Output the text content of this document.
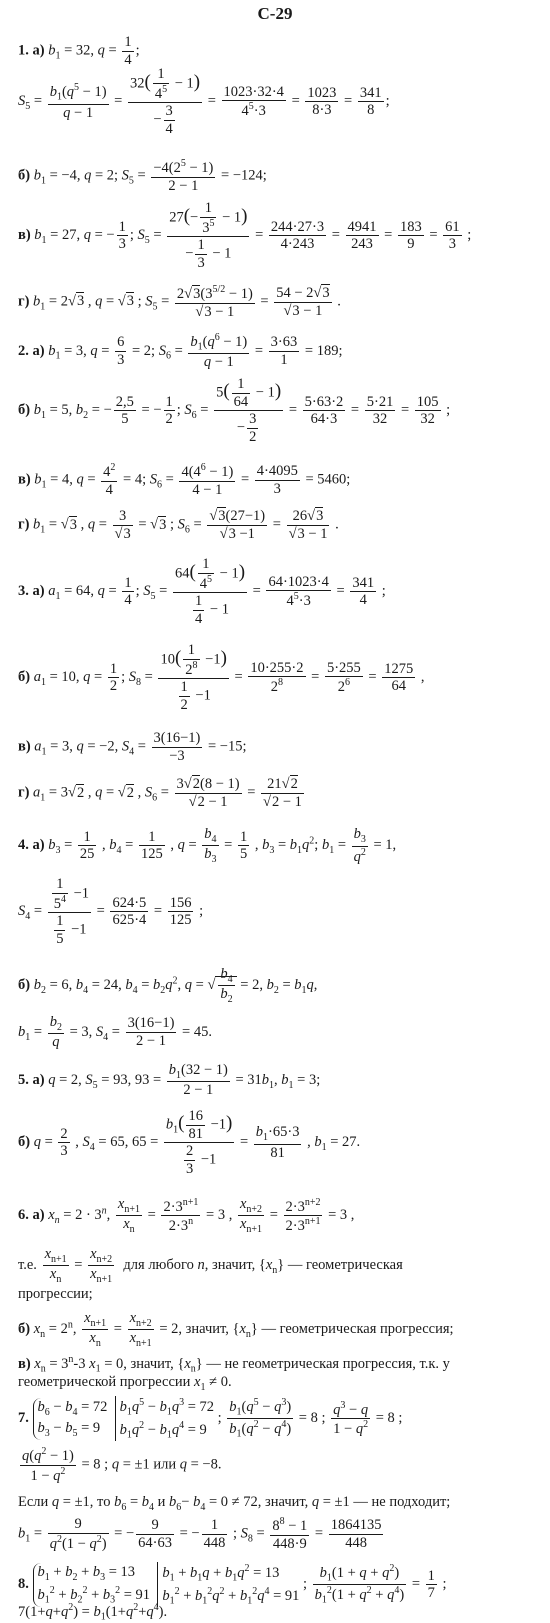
С-29
1. а) $b_1 = 32$, $q = \frac{1}{4}$ ;
$S_5 = \frac{b_1(q^5 - 1)}{q - 1} = \frac{32( \frac{1}{4^5} - 1)}{- \frac{3}{4}} = \frac{1023\cdot 32\cdot 4}{4^5\cdot 3} = \frac{1023}{8\cdot 3} = \frac{341}{8}$ ;
б) $b_1 = -4$, q = 2; $S_5 = \frac{-4(2^5 - 1)}{2 - 1} = -124$;
в) $b_1 = 27$, q = − $\frac{1}{3}$ ; $S_5 = \frac{27(- \frac{1}{3^5} - 1)}{- \frac{1}{3} - 1} = \frac{244\cdot 27\cdot 3}{4\cdot 243} = \frac{4941}{243} = \frac{183}{9} = \frac{61}{3}$ ;
г) $b_1 = 2√3$ , q = √3 ; $S_5 = \frac{2√3(3^{5/2} - 1)}{√3 - 1} = \frac{54 - 2√3}{√3 - 1}$ .
2. а) $b_1 = 3$, $q = \frac{6}{3} = 2$; $S_6 = \frac{b_1(q^6 - 1)}{q - 1} = \frac{3\cdot 63}{1} = 189$;
б) $b_1 = 5$, $b_2$ = − $\frac{2,5}{5}$ = − $\frac{1}{2}$ ; $S_6 = \frac{5( \frac{1}{64} - 1)}{- \frac{3}{2}} = \frac{5\cdot 63\cdot 2}{64\cdot 3} = \frac{5\cdot 21}{32} = \frac{105}{32}$ ;
в) $b_1 = 4$, $q = \frac{4^2}{4} = 4$; $S_6 = \frac{4(4^6 - 1)}{4 - 1} = \frac{4\cdot 4095}{3} = 5460$;
г) $b_1 = √3$ , $q = \frac{3}{√3} = √3$ ; $S_6 = \frac{√3(27-1)}{√3 -1} = \frac{26√3}{√3 - 1}$ .
3. а) $a_1 = 64$, $q = \frac{1}{4}$ ; $S_5 = \frac{64( \frac{1}{4^5} - 1)}{\frac{1}{4} - 1} = \frac{64\cdot 1023\cdot 4}{4^5\cdot 3} = \frac{341}{4}$ ;
б) $a_1 = 10$, $q = \frac{1}{2}$ ; $S_8 = \frac{10( \frac{1}{2^8} -1)}{\frac{1}{2} -1} = \frac{10\cdot 255\cdot 2}{2^8} = \frac{5\cdot 255}{2^6} = \frac{1275}{64}$ ,
в) $a_1 = 3$, q = −2, $S_4 = \frac{3(16-1)}{-3} = -15$;
г) $a_1 = 3√2$ , q = √2 , $S_6 = \frac{3√2(8 - 1)}{√2 - 1} = \frac{21√2}{√2 - 1}$
4. а) $b_3 = \frac{1}{25}$ , $b_4 = \frac{1}{125}$ , $q = \frac{b_4}{b_3} = \frac{1}{5}$ , $b_3 = b_1q^2$; $b_1 = \frac{b_3}{q^2} = 1$,
$S_4 = \frac{\frac{1}{5^4} -1}{\frac{1}{5} -1} = \frac{624\cdot 5}{625\cdot 4} = \frac{156}{125}$ ;
б) $b_2 = 6$, $b_4 = 24$, $b_4 = b_2q^2$, q = √ $\frac{b_4}{b_2} = 2$, $b_2 = b_1q$,
$b_1 = \frac{b_2}{q} = 3$, $S_4 = \frac{3(16-1)}{2 - 1} = 45$.
5. а) q = 2, $S_5 = 93$, $93 = \frac{b_1(32 - 1)}{2 - 1} = 31b_1$, $b_1 = 3$;
б) $q = \frac{2}{3}$ , $S_4 = 65$, $65 = \frac{b_1( \frac{16}{81} -1)}{\frac{2}{3} -1} = \frac{b_1\cdot 65\cdot 3}{81}$ , $b_1 = 27$.
6. а) $x_n = 2 \cdot 3^n$, $\frac{x_{n+1}}{x_n} = \frac{2\cdot 3^{n+1}}{2\cdot 3^n} = 3$ , $\frac{x_{n+2}}{x_{n+1}} = \frac{2\cdot 3^{n+2}}{2\cdot 3^{n+1}} = 3$ ,
т.е. $\frac{x_{n+1}}{x_n} = \frac{x_{n+2}}{x_{n+1}}$ для любого n, значит, $\{x_n\}$ — геометрическая
прогрессии;
б) $x_n = 2^n$, $\frac{x_{n+1}}{x_n} = \frac{x_{n+2}}{x_{n+1}} = 2$, значит, $\{x_n\}$ — геометрическая прогрессия;
в) $x_n = 3^n-3$ $x_1 = 0$, значит, $\{x_n\}$ — не геометрическая прогрессия, т.к. у
геометрической прогрессии $x_1 \ne 0$.
7. $b_6 - b_4 = 72$
$b_3 - b_5 = 9$  $b_1q^5 - b_1q^3 = 72$
$b_1q^2 - b_1q^4 = 9$ ; $\frac{b_1(q^5 - q^3)}{b_1(q^2 - q^4)} = 8$ ; $\frac{q^3 - q}{1 - q^2} = 8$ ;
$\frac{q(q^2 - 1)}{1 - q^2} = 8$ ; q = ±1 или q = −8.
Если q = ±1, то $b_6 = b_4$ и $b_6- b_4 = 0 \ne 72$, значит, q = ±1 — не подходит;
$b_1 = \frac{9}{q^2(1 - q^2)}$ = − $\frac{9}{64\cdot 63}$ = − $\frac{1}{448}$ ; $S_8 = \frac{8^8 - 1}{448\cdot 9} = \frac{1864135}{448}$
8. $b_1 + b_2 + b_3 = 13$
$b_1^2 + b_2^2 + b_3^2 = 91$  $b_1 + b_1q + b_1q^2 = 13$
$b_1^2 + b_1^2q^2 + b_1^2q^4 = 91$ ; $\frac{b_1(1 + q + q^2)}{b_1^2(1 + q^2 + q^4)} = \frac{1}{7}$ ;
$7(1+q+q^2) = b_1(1+q^2+q^4)$.
